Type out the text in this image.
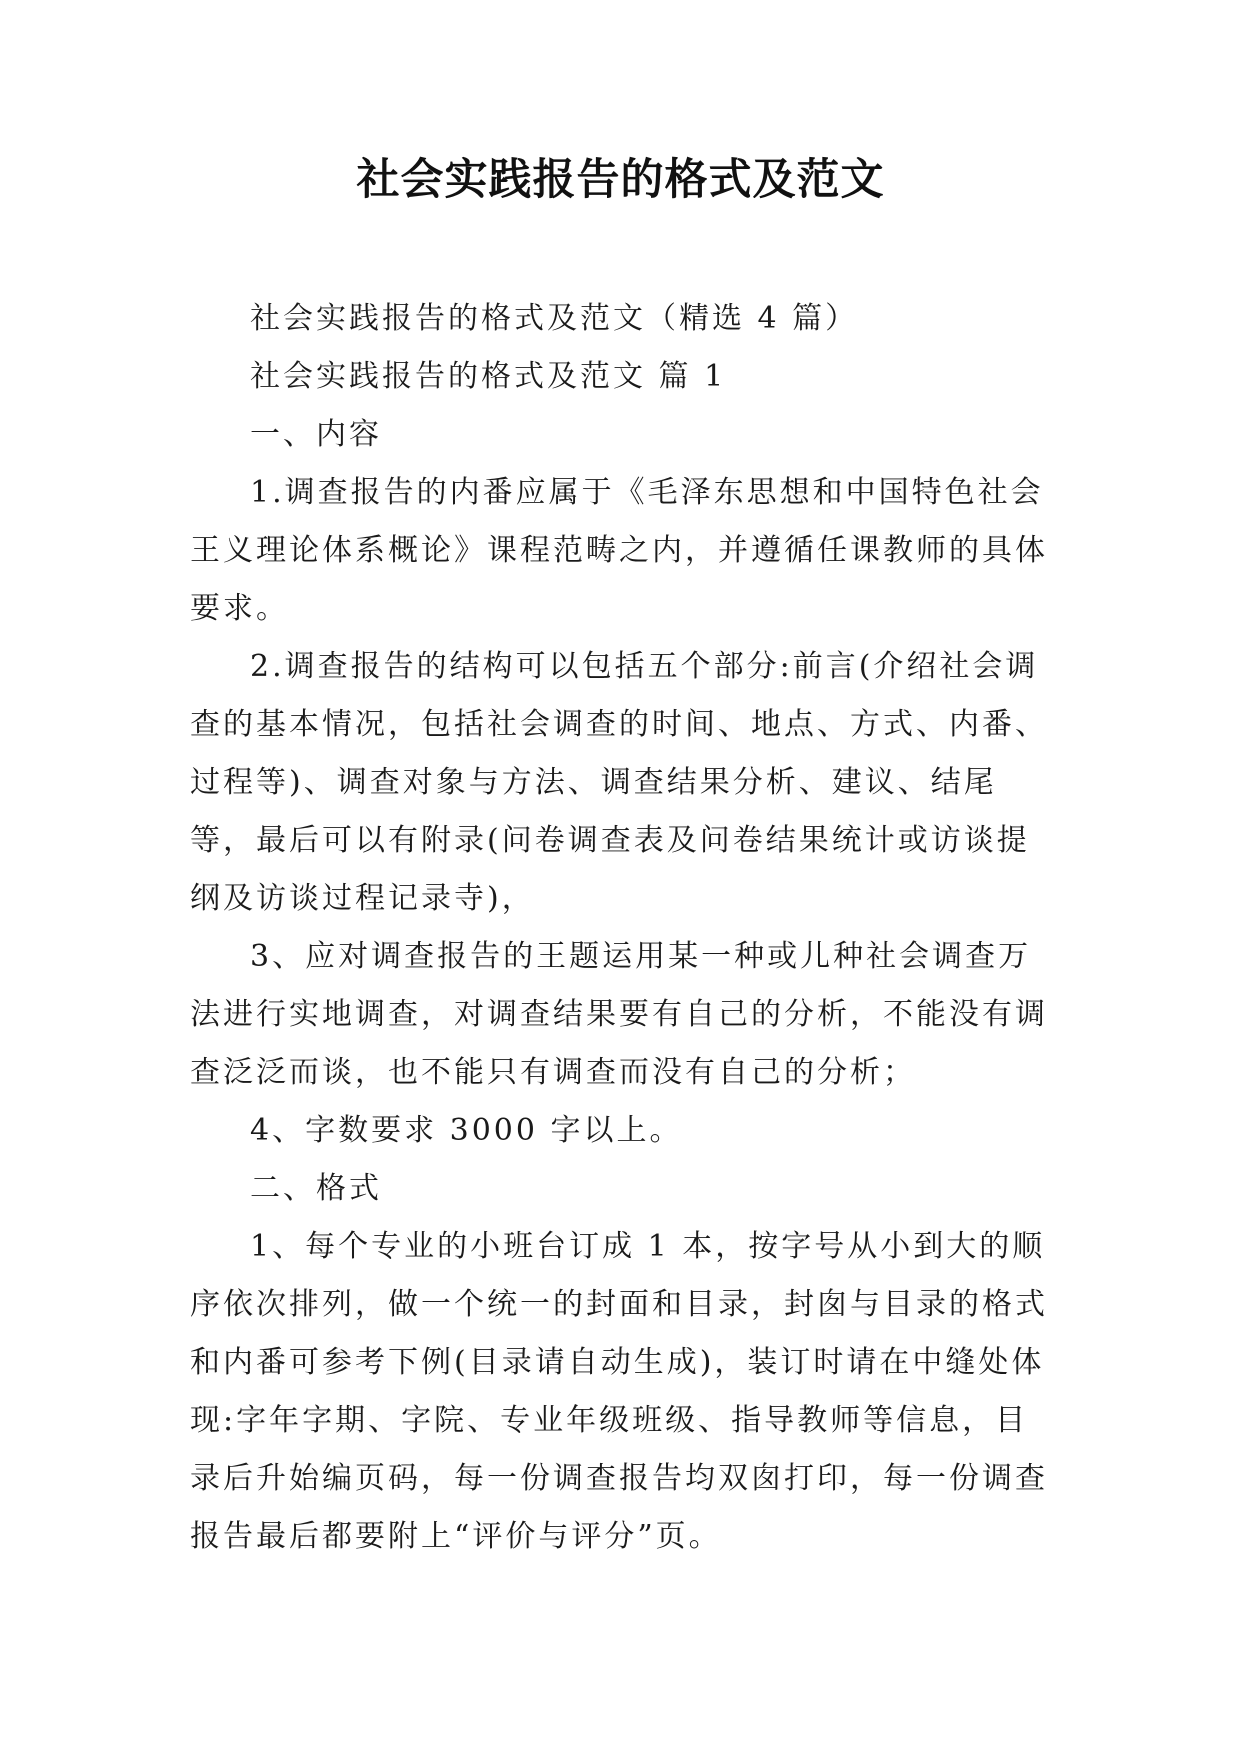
社会实践报告的格式及范文

社会实践报告的格式及范文（精选 4 篇）

社会实践报告的格式及范文 篇 1

一、内容

1.调查报告的内番应属于《毛泽东思想和中国特色社会王义理论体系概论》课程范畴之内，并遵循任课教师的具体要求。

2.调查报告的结构可以包括五个部分:前言(介绍社会调查的基本情况，包括社会调查的时间、地点、方式、内番、过程等)、调查对象与方法、调查结果分析、建议、结尾等，最后可以有附录(问卷调查表及问卷结果统计或访谈提纲及访谈过程记录寺)，

3、应对调查报告的王题运用某一种或儿种社会调查万法进行实地调查，对调查结果要有自己的分析，不能没有调查泛泛而谈，也不能只有调查而没有自己的分析；

4、字数要求 3000 字以上。

二、格式

1、每个专业的小班台订成 1 本，按字号从小到大的顺序依次排列，做一个统一的封面和目录，封囱与目录的格式和内番可参考下例(目录请自动生成)，装订时请在中缝处体现:字年字期、字院、专业年级班级、指导教师等信息，目录后升始编页码，每一份调查报告均双囱打印，每一份调查报告最后都要附上“评价与评分”页。
